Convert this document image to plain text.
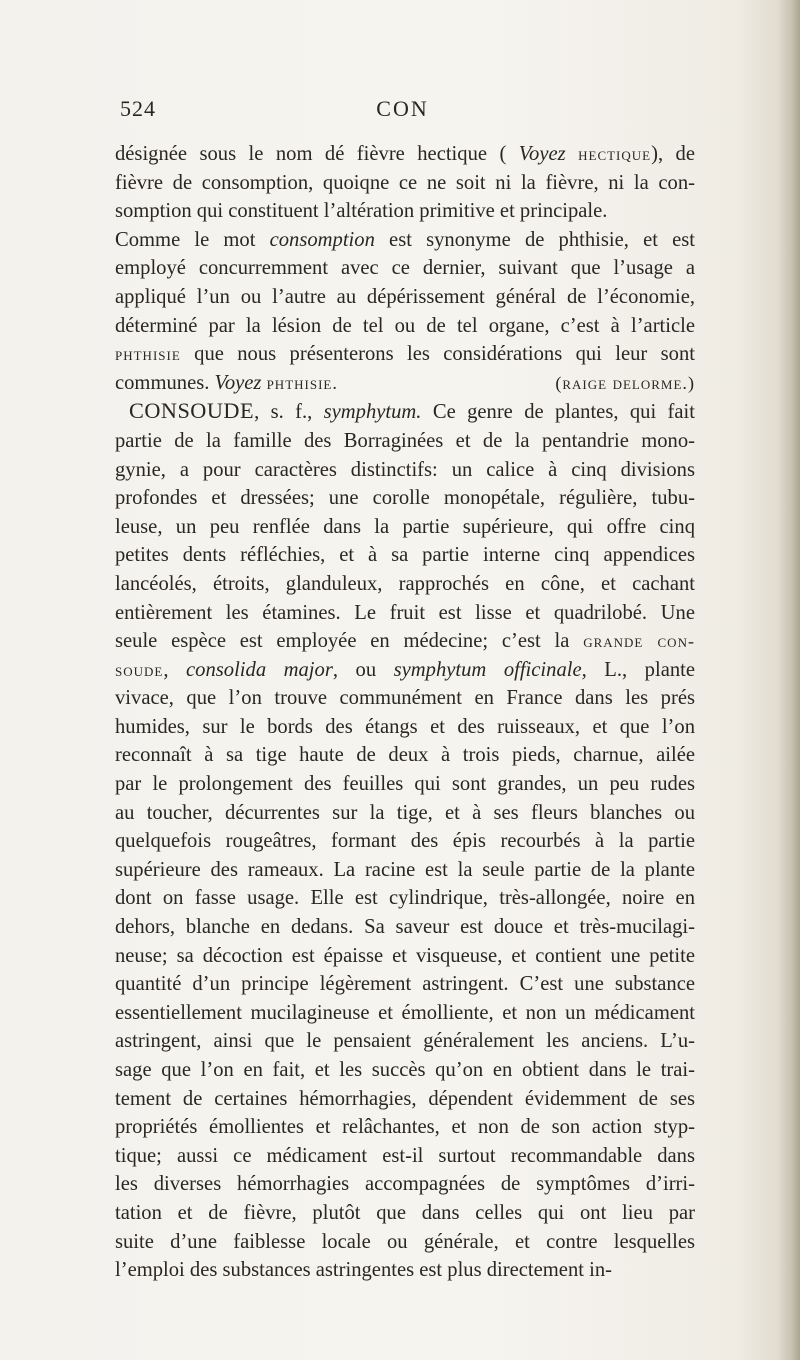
524	CON
désignée sous le nom dé fièvre hectique ( Voyez hectique), de
fièvre de consomption, quoiqne ce ne soit ni la fièvre, ni la con-
somption qui constituent l’altération primitive et principale.
Comme le mot consomption est synonyme de phthisie, et est
employé concurremment avec ce dernier, suivant que l’usage a
appliqué l’un ou l’autre au dépérissement général de l’économie,
déterminé par la lésion de tel ou de tel organe, c’est à l’article
phthisie que nous présenterons les considérations qui leur sont
communes. Voyez phthisie.	(raige delorme.)
CONSOUDE, s. f., symphytum. Ce genre de plantes, qui fait
partie de la famille des Borraginées et de la pentandrie mono-
gynie, a pour caractères distinctifs: un calice à cinq divisions
profondes et dressées; une corolle monopétale, régulière, tubu-
leuse, un peu renflée dans la partie supérieure, qui offre cinq
petites dents réfléchies, et à sa partie interne cinq appendices
lancéolés, étroits, glanduleux, rapprochés en cône, et cachant
entièrement les étamines. Le fruit est lisse et quadrilobé. Une
seule espèce est employée en médecine; c’est la grande con-
soude, consolida major, ou symphytum officinale, L., plante
vivace, que l’on trouve communément en France dans les prés
humides, sur le bords des étangs et des ruisseaux, et que l’on
reconnaît à sa tige haute de deux à trois pieds, charnue, ailée
par le prolongement des feuilles qui sont grandes, un peu rudes
au toucher, décurrentes sur la tige, et à ses fleurs blanches ou
quelquefois rougeâtres, formant des épis recourbés à la partie
supérieure des rameaux. La racine est la seule partie de la plante
dont on fasse usage. Elle est cylindrique, très-allongée, noire en
dehors, blanche en dedans. Sa saveur est douce et très-mucilagi-
neuse; sa décoction est épaisse et visqueuse, et contient une petite
quantité d’un principe légèrement astringent. C’est une substance
essentiellement mucilagineuse et émolliente, et non un médicament
astringent, ainsi que le pensaient généralement les anciens. L’u-
sage que l’on en fait, et les succès qu’on en obtient dans le trai-
tement de certaines hémorrhagies, dépendent évidemment de ses
propriétés émollientes et relâchantes, et non de son action styp-
tique; aussi ce médicament est-il surtout recommandable dans
les diverses hémorrhagies accompagnées de symptômes d’irri-
tation et de fièvre, plutôt que dans celles qui ont lieu par
suite d’une faiblesse locale ou générale, et contre lesquelles
l’emploi des substances astringentes est plus directement in-
